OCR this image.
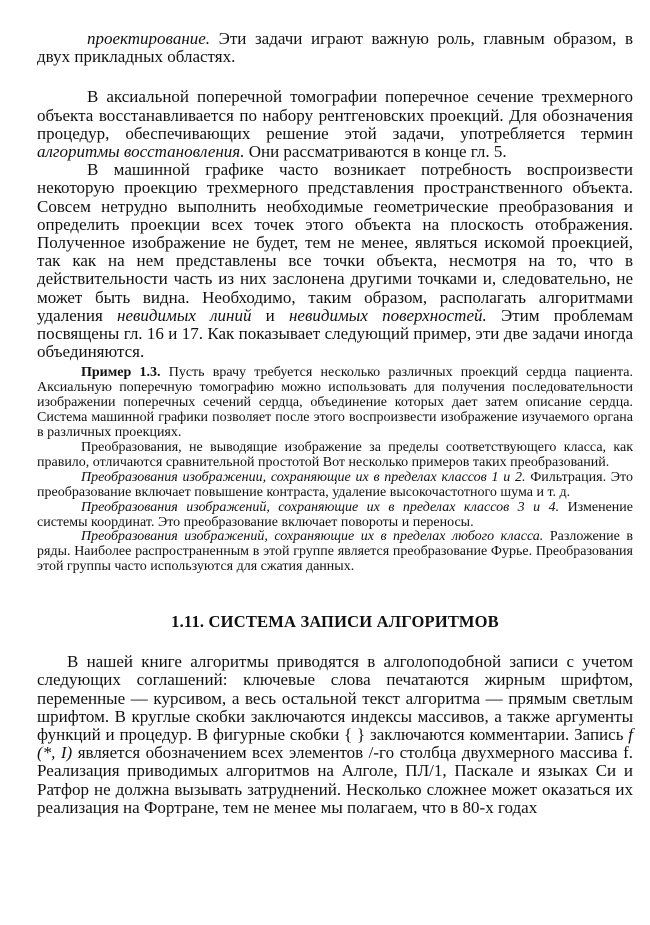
проектирование. Эти задачи играют важную роль, главным образом, в двух прикладных областях.

В аксиальной поперечной томографии поперечное сечение трехмерного объекта восстанавливается по набору рентгеновских проекций. Для обозначения процедур, обеспечивающих решение этой задачи, употребляется термин алгоритмы восстановления. Они рассматриваются в конце гл. 5.

В машинной графике часто возникает потребность воспроизвести некоторую проекцию трехмерного представления пространственного объекта. Совсем нетрудно выполнить необходимые геометрические преобразования и определить проекции всех точек этого объекта на плоскость отображения. Полученное изображение не будет, тем не менее, являться искомой проекцией, так как на нем представлены все точки объекта, несмотря на то, что в действительности часть из них заслонена другими точками и, следовательно, не может быть видна. Необходимо, таким образом, располагать алгоритмами удаления невидимых линий и невидимых поверхностей. Этим проблемам посвящены гл. 16 и 17. Как показывает следующий пример, эти две задачи иногда объединяются.

Пример 1.3. Пусть врачу требуется несколько различных проекций сердца пациента. Аксиальную поперечную томографию можно использовать для получения последовательности изображении поперечных сечений сердца, объединение которых дает затем описание сердца. Система машинной графики позволяет после этого воспроизвести изображение изучаемого органа в различных проекциях.

Преобразования, не выводящие изображение за пределы соответствующего класса, как правило, отличаются сравнительной простотой Вот несколько примеров таких преобразований.

Преобразования изображении, сохраняющие их в пределах классов 1 и 2. Фильтрация. Это преобразование включает повышение контраста, удаление высокочастотного шума и т. д.

Преобразования изображений, сохраняющие их в пределах классов 3 и 4. Изменение системы координат. Это преобразование включает повороты и переносы.

Преобразования изображений, сохраняющие их в пределах любого класса. Разложение в ряды. Наиболее распространенным в этой группе является преобразование Фурье. Преобразования этой группы часто используются для сжатия данных.

1.11. СИСТЕМА ЗАПИСИ АЛГОРИТМОВ

В нашей книге алгоритмы приводятся в алголоподобной записи с учетом следующих соглашений: ключевые слова печатаются жирным шрифтом, переменные — курсивом, а весь остальной текст алгоритма — прямым светлым шрифтом. В круглые скобки заключаются индексы массивов, а также аргументы функций и процедур. В фигурные скобки { } заключаются комментарии. Запись f (*, I) является обозначением всех элементов /-го столбца двухмерного массива f. Реализация приводимых алгоритмов на Алголе, ПЛ/1, Паскале и языках Си и Ратфор не должна вызывать затруднений. Несколько сложнее может оказаться их реализация на Фортране, тем не менее мы полагаем, что в 80-х годах
